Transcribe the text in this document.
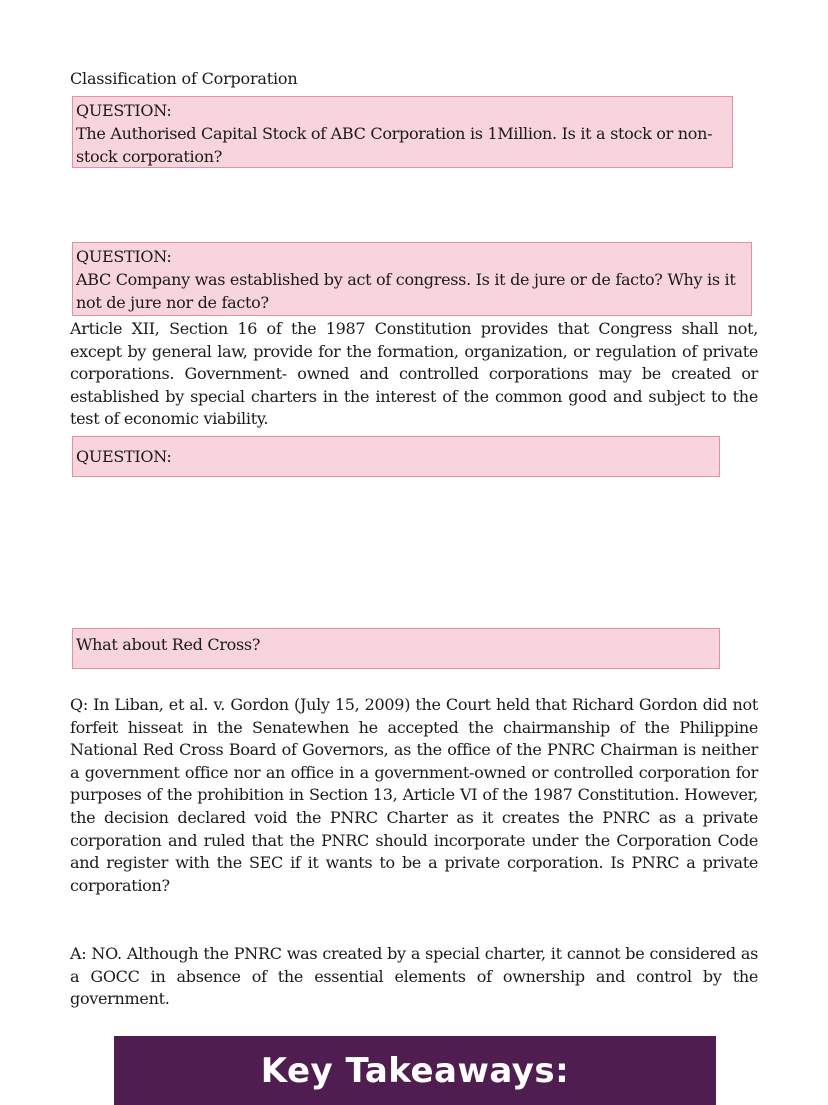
Classification of Corporation
QUESTION:
The Authorised Capital Stock of ABC Corporation is 1Million. Is it a stock or non-stock corporation?
QUESTION:
ABC Company was established by act of congress. Is it de jure or de facto? Why is it not de jure nor de facto?

Article XII, Section 16 of the 1987 Constitution provides that Congress shall not, except by general law, provide for the formation, organization, or regulation of private corporations. Government- owned and controlled corporations may be created or established by special charters in the interest of the common good and subject to the test of economic viability.

QUESTION:
What about Red Cross?

Q: In Liban, et al. v. Gordon (July 15, 2009) the Court held that Richard Gordon did not forfeit hisseat in the Senatewhen he accepted the chairmanship of the Philippine National Red Cross Board of Governors, as the office of the PNRC Chairman is neither a government office nor an office in a government-owned or controlled corporation for purposes of the prohibition in Section 13, Article VI of the 1987 Constitution. However, the decision declared void the PNRC Charter as it creates the PNRC as a private corporation and ruled that the PNRC should incorporate under the Corporation Code and register with the SEC if it wants to be a private corporation. Is PNRC a private corporation?

A: NO. Although the PNRC was created by a special charter, it cannot be considered as a GOCC in absence of the essential elements of ownership and control by the government.

Key Takeaways:
